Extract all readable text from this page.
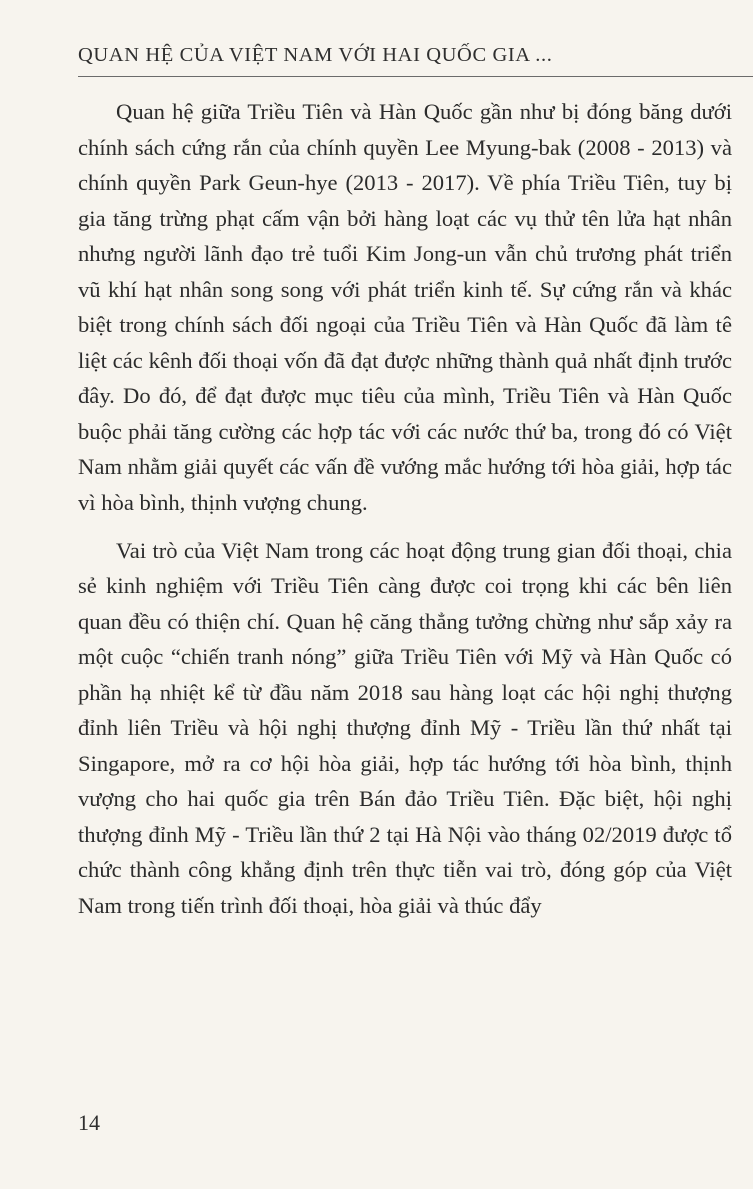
QUAN HỆ CỦA VIỆT NAM VỚI HAI QUỐC GIA ...

Quan hệ giữa Triều Tiên và Hàn Quốc gần như bị đóng băng dưới chính sách cứng rắn của chính quyền Lee Myung-bak (2008 - 2013) và chính quyền Park Geun-hye (2013 - 2017). Về phía Triều Tiên, tuy bị gia tăng trừng phạt cấm vận bởi hàng loạt các vụ thử tên lửa hạt nhân nhưng người lãnh đạo trẻ tuổi Kim Jong-un vẫn chủ trương phát triển vũ khí hạt nhân song song với phát triển kinh tế. Sự cứng rắn và khác biệt trong chính sách đối ngoại của Triều Tiên và Hàn Quốc đã làm tê liệt các kênh đối thoại vốn đã đạt được những thành quả nhất định trước đây. Do đó, để đạt được mục tiêu của mình, Triều Tiên và Hàn Quốc buộc phải tăng cường các hợp tác với các nước thứ ba, trong đó có Việt Nam nhằm giải quyết các vấn đề vướng mắc hướng tới hòa giải, hợp tác vì hòa bình, thịnh vượng chung.

Vai trò của Việt Nam trong các hoạt động trung gian đối thoại, chia sẻ kinh nghiệm với Triều Tiên càng được coi trọng khi các bên liên quan đều có thiện chí. Quan hệ căng thẳng tưởng chừng như sắp xảy ra một cuộc “chiến tranh nóng” giữa Triều Tiên với Mỹ và Hàn Quốc có phần hạ nhiệt kể từ đầu năm 2018 sau hàng loạt các hội nghị thượng đỉnh liên Triều và hội nghị thượng đỉnh Mỹ - Triều lần thứ nhất tại Singapore, mở ra cơ hội hòa giải, hợp tác hướng tới hòa bình, thịnh vượng cho hai quốc gia trên Bán đảo Triều Tiên. Đặc biệt, hội nghị thượng đỉnh Mỹ - Triều lần thứ 2 tại Hà Nội vào tháng 02/2019 được tổ chức thành công khẳng định trên thực tiễn vai trò, đóng góp của Việt Nam trong tiến trình đối thoại, hòa giải và thúc đẩy

14
